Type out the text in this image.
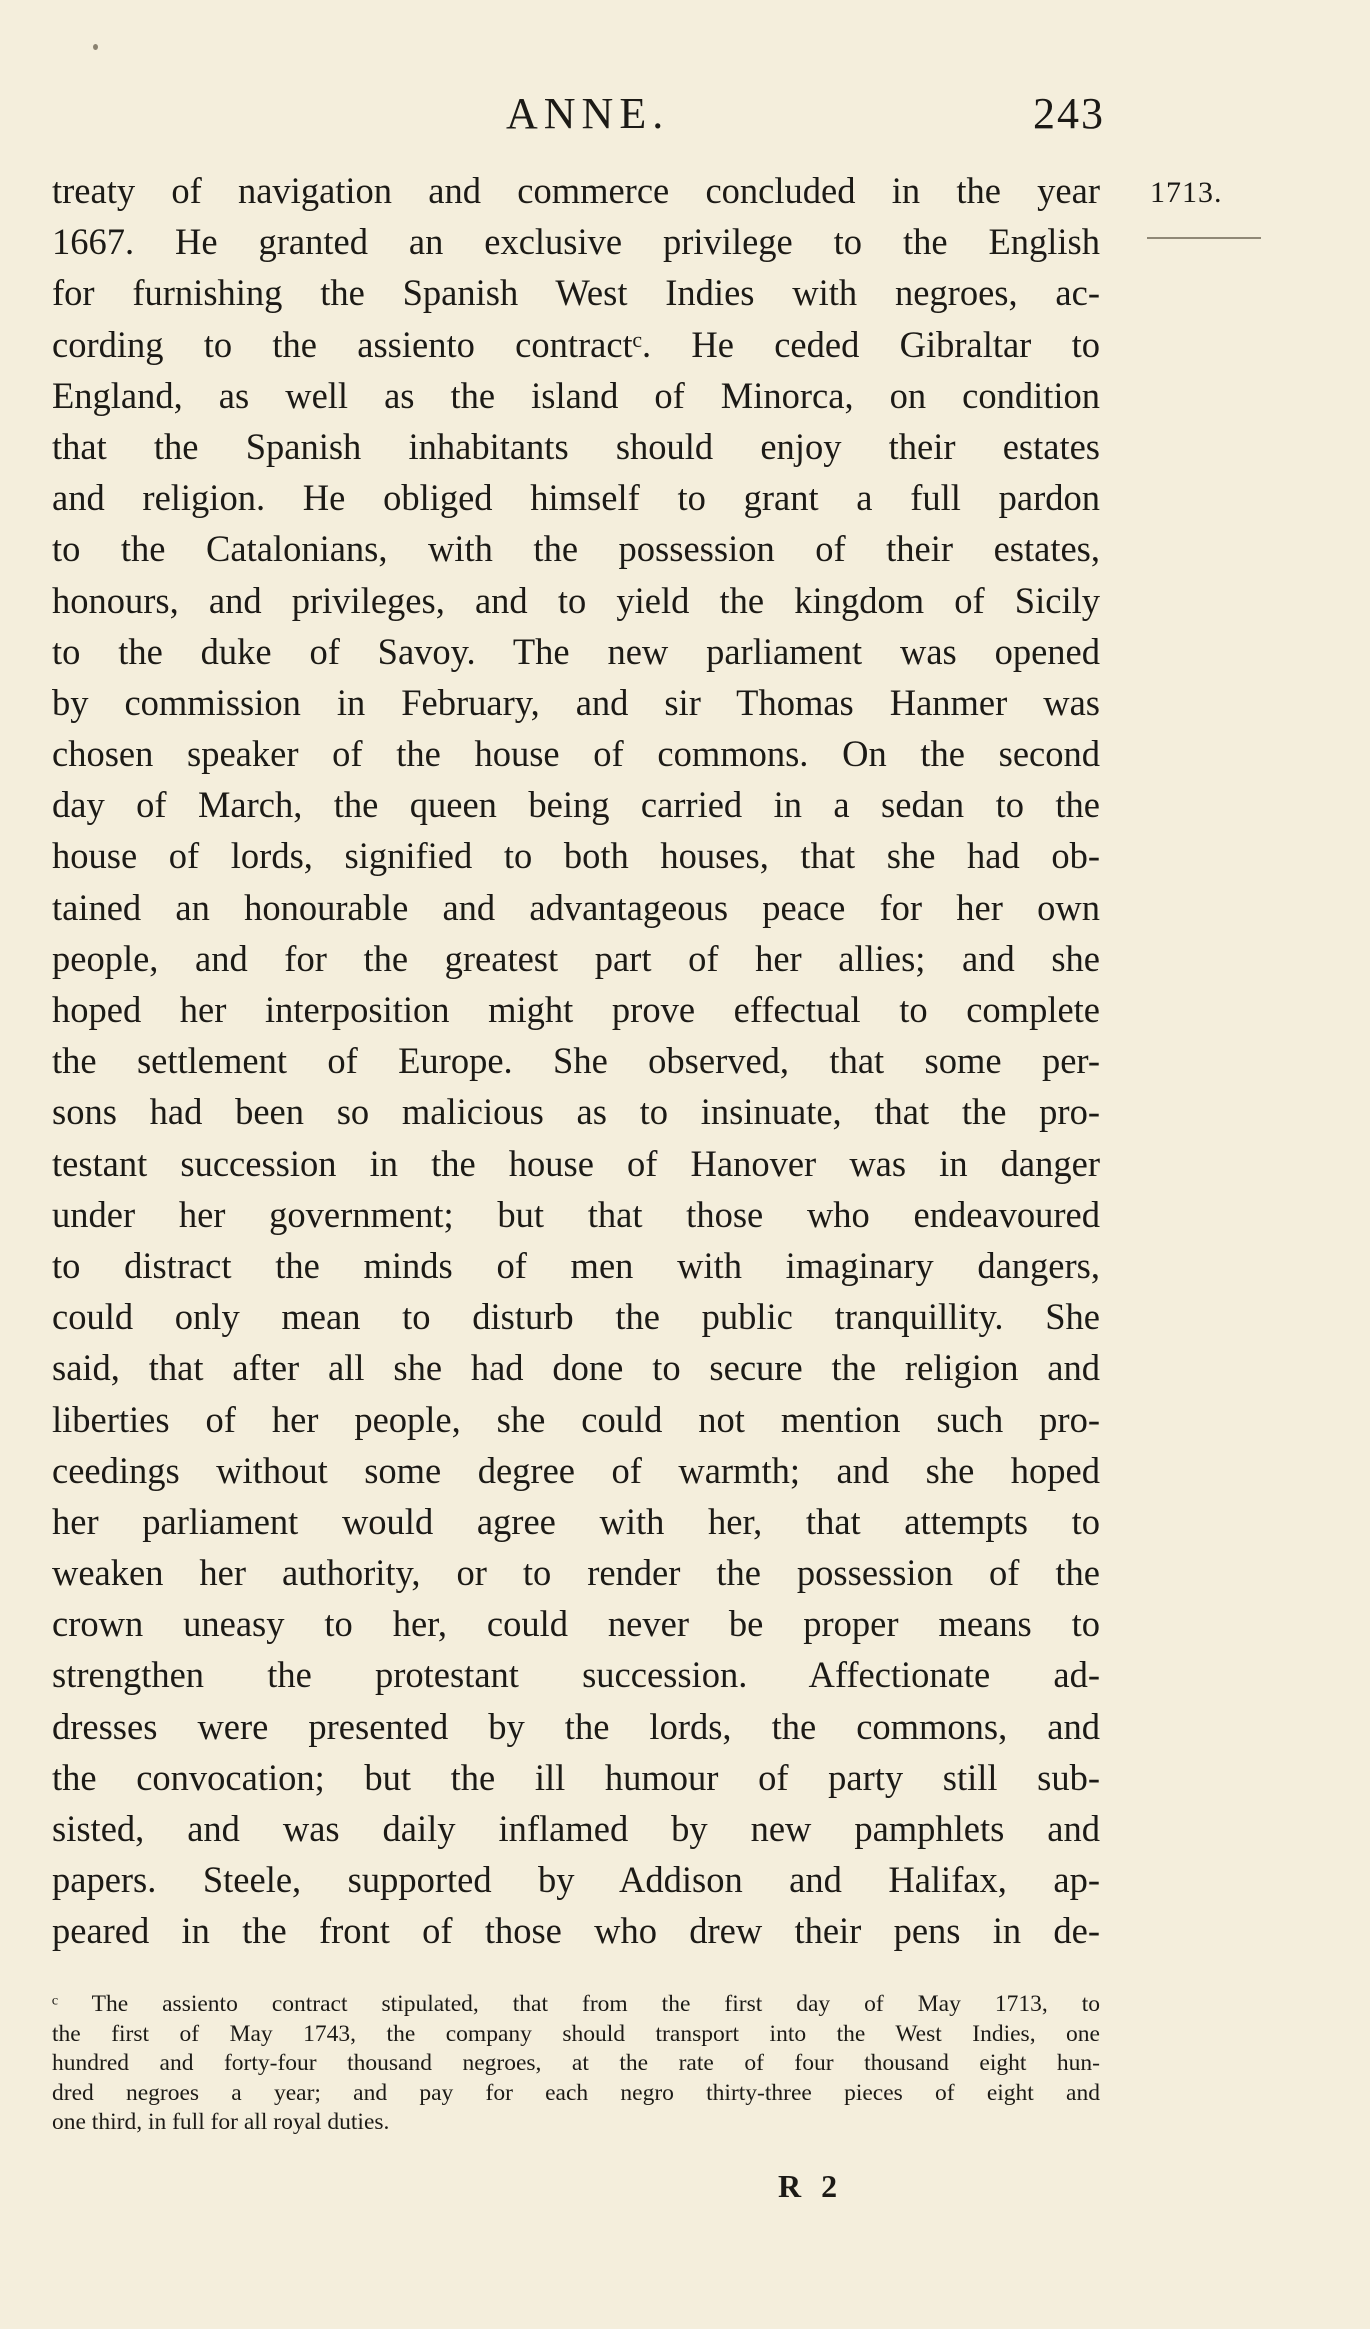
ANNE.	243
1713.
treaty of navigation and commerce concluded in the year
1667. He granted an exclusive privilege to the English
for furnishing the Spanish West Indies with negroes, ac-
cording to the assiento contractᶜ. He ceded Gibraltar to
England, as well as the island of Minorca, on condition
that the Spanish inhabitants should enjoy their estates
and religion. He obliged himself to grant a full pardon
to the Catalonians, with the possession of their estates,
honours, and privileges, and to yield the kingdom of Sicily
to the duke of Savoy. The new parliament was opened
by commission in February, and sir Thomas Hanmer was
chosen speaker of the house of commons. On the second
day of March, the queen being carried in a sedan to the
house of lords, signified to both houses, that she had ob-
tained an honourable and advantageous peace for her own
people, and for the greatest part of her allies; and she
hoped her interposition might prove effectual to complete
the settlement of Europe. She observed, that some per-
sons had been so malicious as to insinuate, that the pro-
testant succession in the house of Hanover was in danger
under her government; but that those who endeavoured
to distract the minds of men with imaginary dangers,
could only mean to disturb the public tranquillity. She
said, that after all she had done to secure the religion and
liberties of her people, she could not mention such pro-
ceedings without some degree of warmth; and she hoped
her parliament would agree with her, that attempts to
weaken her authority, or to render the possession of the
crown uneasy to her, could never be proper means to
strengthen the protestant succession. Affectionate ad-
dresses were presented by the lords, the commons, and
the convocation; but the ill humour of party still sub-
sisted, and was daily inflamed by new pamphlets and
papers. Steele, supported by Addison and Halifax, ap-
peared in the front of those who drew their pens in de-
ᶜ The assiento contract stipulated, that from the first day of May 1713, to
the first of May 1743, the company should transport into the West Indies, one
hundred and forty-four thousand negroes, at the rate of four thousand eight hun-
dred negroes a year; and pay for each negro thirty-three pieces of eight and
one third, in full for all royal duties.
R 2
